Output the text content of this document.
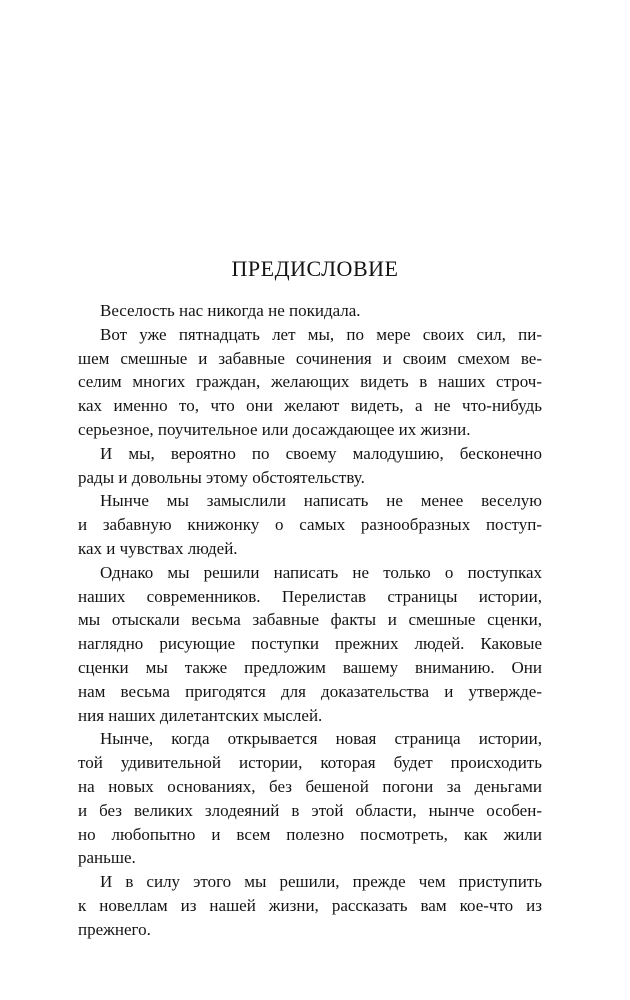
ПРЕДИСЛОВИЕ

Веселость нас никогда не покидала.

Вот уже пятнадцать лет мы, по мере своих сил, пи-
шем смешные и забавные сочинения и своим смехом ве-
селим многих граждан, желающих видеть в наших строч-
ках именно то, что они желают видеть, а не что-нибудь
серьезное, поучительное или досаждающее их жизни.

И мы, вероятно по своему малодушию, бесконечно
рады и довольны этому обстоятельству.

Нынче мы замыслили написать не менее веселую
и забавную книжонку о самых разнообразных поступ-
ках и чувствах людей.

Однако мы решили написать не только о поступках
наших современников. Перелистав страницы истории,
мы отыскали весьма забавные факты и смешные сценки,
наглядно рисующие поступки прежних людей. Каковые
сценки мы также предложим вашему вниманию. Они
нам весьма пригодятся для доказательства и утвержде-
ния наших дилетантских мыслей.

Нынче, когда открывается новая страница истории,
той удивительной истории, которая будет происходить
на новых основаниях, без бешеной погони за деньгами
и без великих злодеяний в этой области, нынче особен-
но любопытно и всем полезно посмотреть, как жили
раньше.

И в силу этого мы решили, прежде чем приступить
к новеллам из нашей жизни, рассказать вам кое-что из
прежнего.
